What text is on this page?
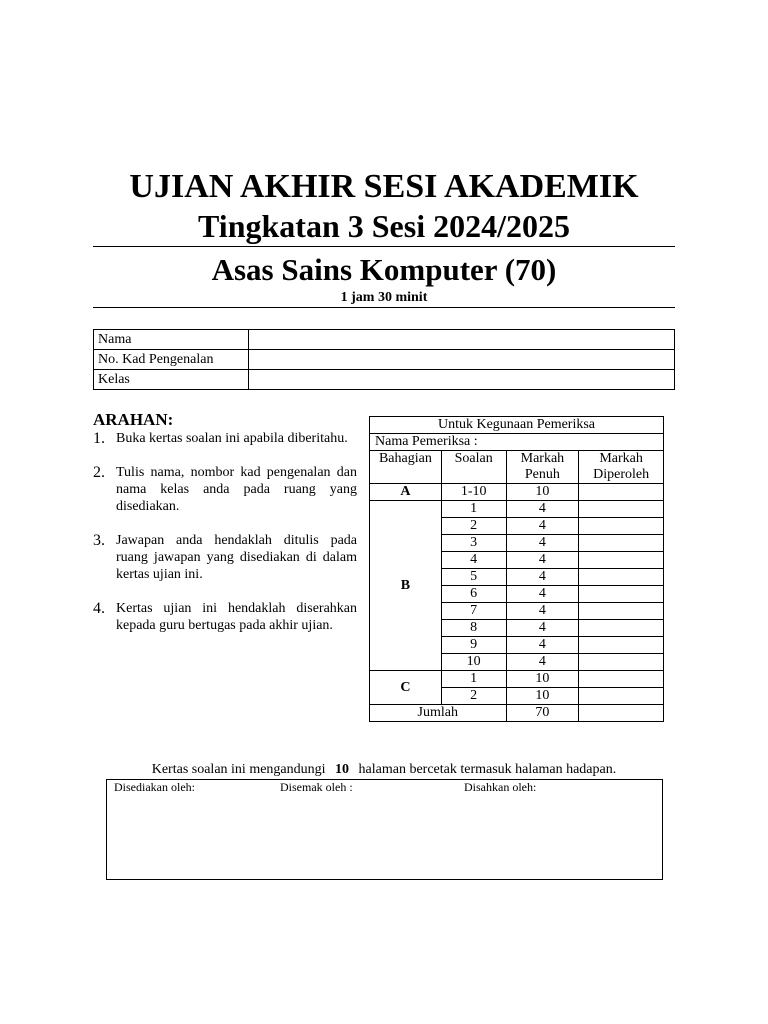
UJIAN AKHIR SESI AKADEMIK
Tingkatan 3 Sesi 2024/2025
Asas Sains Komputer (70)
1 jam 30 minit
Nama	
No. Kad Pengenalan	
Kelas	
ARAHAN:
1. Buka kertas soalan ini apabila diberitahu.
2. Tulis nama, nombor kad pengenalan dan nama kelas anda pada ruang yang disediakan.
3. Jawapan anda hendaklah ditulis pada ruang jawapan yang disediakan di dalam kertas ujian ini.
4. Kertas ujian ini hendaklah diserahkan kepada guru bertugas pada akhir ujian.
Untuk Kegunaan Pemeriksa			
Nama Pemeriksa :			
Bahagian	Soalan	Markah Penuh	Markah Diperoleh
A	1-10	10	
B	1	4	
	2	4	
	3	4	
	4	4	
	5	4	
	6	4	
	7	4	
	8	4	
	9	4	
	10	4	
C	1	10	
	2	10	
Jumlah		70	
Kertas soalan ini mengandungi 10 halaman bercetak termasuk halaman hadapan.
Disediakan oleh:	Disemak oleh :	Disahkan oleh:
